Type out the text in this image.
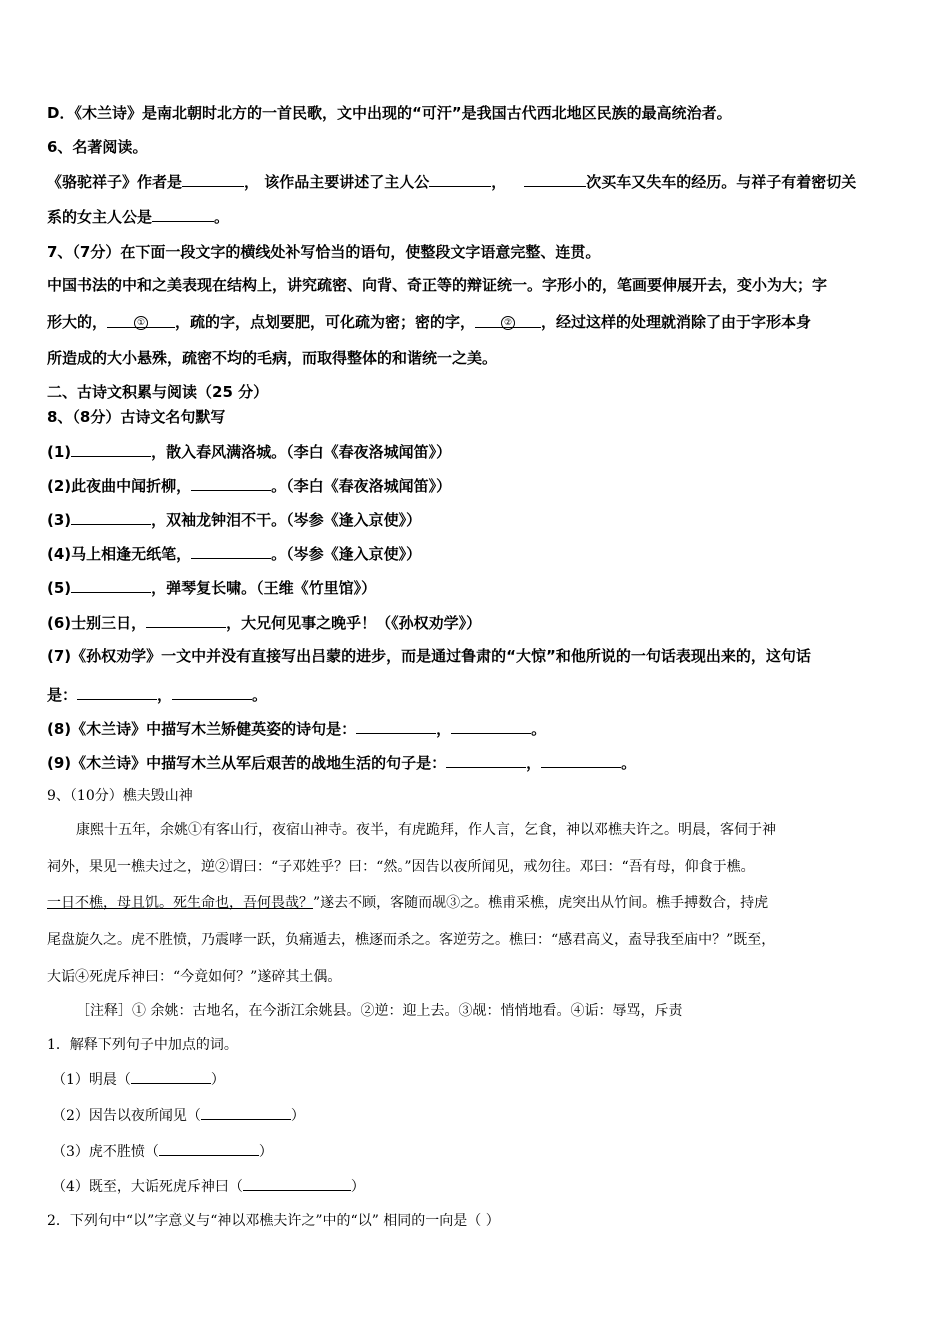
D．《木兰诗》是南北朝时北方的一首民歌，文中出现的“可汗”是我国古代西北地区民族的最高统治者。
6、名著阅读。
《骆驼祥子》作者是	， 该作品主要讲述了主人公	，	次买车又失车的经历。与祥子有着密切关
系的女主人公是	。
7、（7分）在下面一段文字的横线处补写恰当的语句，使整段文字语意完整、连贯。
中国书法的中和之美表现在结构上，讲究疏密、向背、奇正等的辩证统一。字形小的，笔画要伸展开去，变小为大；字
形大的，	① ，疏的字，点划要肥，可化疏为密；密的字，	② ，经过这样的处理就消除了由于字形本身
所造成的大小悬殊，疏密不均的毛病，而取得整体的和谐统一之美。
二、古诗文积累与阅读（25 分）
8、（8分）古诗文名句默写
(1)	，散入春风满洛城。（李白《春夜洛城闻笛》）
(2)此夜曲中闻折柳，	。（李白《春夜洛城闻笛》）
(3)	，双袖龙钟泪不干。（岑参《逢入京使》）
(4)马上相逢无纸笔，	。（岑参《逢入京使》）
(5)	，弹琴复长啸。（王维《竹里馆》）
(6)士别三日，	，大兄何见事之晚乎！（《孙权劝学》）
(7)《孙权劝学》一文中并没有直接写出吕蒙的进步，而是通过鲁肃的“大惊”和他所说的一句话表现出来的，这句话
是：	，	。
(8)《木兰诗》中描写木兰矫健英姿的诗句是：	，	。
(9)《木兰诗》中描写木兰从军后艰苦的战地生活的句子是：	，	。
9、（10分）樵夫毁山神
康熙十五年，余姚①有客山行，夜宿山神寺。夜半，有虎跪拜，作人言，乞食，神以邓樵夫许之。明晨，客伺于神
祠外，果见一樵夫过之，逆②谓曰：“子邓姓乎？曰：“然。”因告以夜所闻见，戒勿往。邓曰：“吾有母，仰食于樵。
一日不樵，母且饥。死生命也，吾何畏哉？”遂去不顾，客随而觇③之。樵甫采樵，虎突出从竹间。樵手搏数合，持虎
尾盘旋久之。虎不胜愤，乃震哮一跃，负痛遁去，樵逐而杀之。客逆劳之。樵曰：“感君高义，盍导我至庙中？”既至，
大诟④死虎斥神曰：“今竟如何？”遂碎其土偶。
［注释］① 余姚：古地名，在今浙江余姚县。②逆：迎上去。③觇：悄悄地看。④诟：辱骂，斥责
1．解释下列句子中加点的词。
（1）明晨（	）
（2）因告以夜所闻见（	）
（3）虎不胜愤（	）
（4）既至，大诟死虎斥神曰（	）
2．下列句中“以”字意义与“神以邓樵夫许之”中的“以” 相同的一向是（ ）
